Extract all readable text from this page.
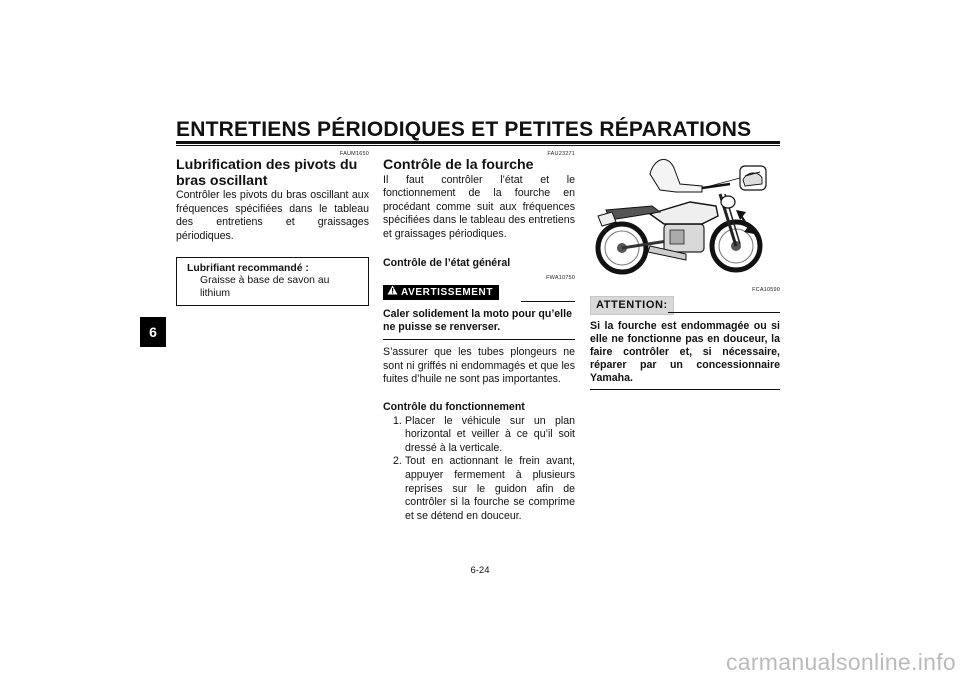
ENTRETIENS PÉRIODIQUES ET PETITES RÉPARATIONS
6
FAUM1650
Lubrification des pivots du bras oscillant

Contrôler les pivots du bras oscillant aux fréquences spécifiées dans le tableau des entretiens et graissages périodiques.

Lubrifiant recommandé :
Graisse à base de savon au lithium
FAU23271
Contrôle de la fourche

Il faut contrôler l’état et le fonctionnement de la fourche en procédant comme suit aux fréquences spécifiées dans le tableau des entretiens et graissages périodiques.

Contrôle de l’état général
FWA10750
AVERTISSEMENT

Caler solidement la moto pour qu’elle ne puisse se renverser.

S’assurer que les tubes plongeurs ne sont ni griffés ni endommagés et que les fuites d’huile ne sont pas importantes.

Contrôle du fonctionnement
1. Placer le véhicule sur un plan horizontal et veiller à ce qu’il soit dressé à la verticale.
2. Tout en actionnant le frein avant, appuyer fermement à plusieurs reprises sur le guidon afin de contrôler si la fourche se comprime et se détend en douceur.
FCA10590
ATTENTION:

Si la fourche est endommagée ou si elle ne fonctionne pas en douceur, la faire contrôler et, si nécessaire, réparer par un concessionnaire Yamaha.

6-24
carmanualsonline.info
